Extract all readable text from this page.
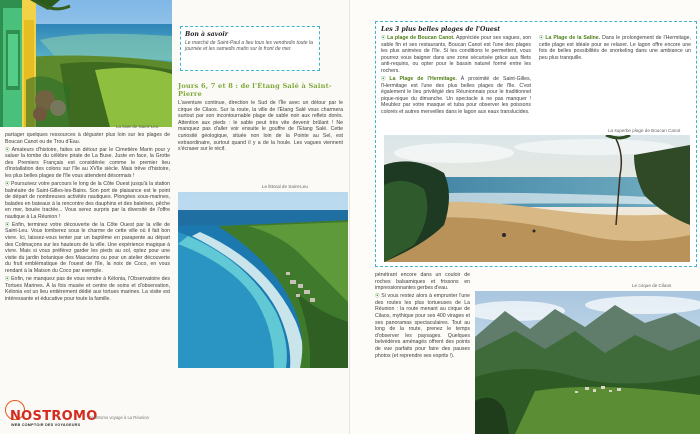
La baie de Saint-Leu
Bon à savoir
Le marché de Saint-Paul a lieu tous les vendredis toute la journée et les samedis matin sur le front de mer.
Jours 6, 7 et 8 : de l'Étang Salé à Saint-Pierre

L'aventure continue, direction le Sud de l'Île avec un détour par le cirque de Cilaos. Sur la route, la ville de l'Étang Salé vous charmera surtout par son incontournable plage de sable noir aux reflets dorés. Attention aux pieds : le sable peut très vite devenir brûlant ! Ne manquez pas d'aller voir ensuite le gouffre de l'Etang Salé. Cette curiosité géologique, située non loin de la Pointe au Sel, est extraordinaire, surtout quand il y a de la houle. Les vagues viennent s'écraser sur le récif.

Le littoral de Saint-Leu

partager quelques ressources à déguster plus loin sur les plages de Boucan Canot ou de Trou d'Eau.

⦿ Amateurs d'histoire, faites un détour par le Cimetière Marin pour y saluer la tombe du célèbre pirate de La Buse. Juste en face, la Grotte des Premiers Français est considérée comme le premier lieu d'installation des colons sur l'île au XVIIe siècle. Mais trêve d'histoire, les plus belles plages de l'île vous attendent désormais !

⦿ Poursuivez votre parcours le long de la Côte Ouest jusqu'à la station balnéaire de Saint-Gilles-les-Bains. Son port de plaisance est le point de départ de nombreuses activités nautiques. Plongées sous-marines, balades en bateaux à la rencontre des dauphins et des baleines, pêche en mer, bouée tractée... Vous serez surpris par la diversité de l'offre nautique à La Réunion !

⦿ Enfin, terminez votre découverte de la Côte Ouest par la ville de Saint-Leu. Vous tomberez sous le charme de cette ville où il fait bon vivre. Ici, laissez-vous tenter par un baptême en parapente au départ des Colimaçons sur les hauteurs de la ville. Une expérience magique à vivre. Mais si vous préférez garder les pieds au sol, optez pour une visite du jardin botanique des Mascarins ou pour un atelier découverte du fruit emblématique de l'ouest de l'île, la noix de Coco, en vous rendant à la Maison du Coco par exemple.

⦿ Enfin, ne manquez pas de vous rendre à Kélonia, l'Observatoire des Tortues Marines. À la fois musée et centre de soins et d'observation, Kélonia est un lieu entièrement dédié aux tortues marines. La visite est intéressante et éducative pour toute la famille.

NOSTROMO
WEB COMPTOIR DES VOYAGEURS
Nostromo voyage à La Réunion
Les 3 plus belles plages de l'Ouest

⦿ La plage de Boucan Canot. Appréciée pour ses vagues, son sable fin et ses restaurants, Boucan Canot est l'une des plages les plus animées de l'île. Si les conditions le permettent, vous pourrez vous baigner dans une zone sécurisée grâce aux filets anti-requins, ou opter pour le bassin naturel formé entre les rochers.

⦿ La Plage de l'Hermitage. À proximité de Saint-Gilles, l'Hermitage est l'une des plus belles plages de l'île. C'est également le lieu privilégié des Réunionnais pour le traditionnel pique-nique du dimanche. Un spectacle à ne pas manquer ! Meublez par votre masque et tuba pour observer les poissons colorés et autres merveilles dans le lagon aux eaux translucides.

⦿ La Plage de la Saline. Dans le prolongement de l'Hermitage, cette plage est idéale pour se relaxer. Le lagon offre encore une fois de belles possibilités de snorkeling dans une ambiance un peu plus tranquille.

La superbe plage de Boucan Canot

pénétrant encore dans un couloir de roches balsamiques et frissons en impressionnantes gerbes d'eau.

⦿ Si vous restez alors à emprunter l'une des routes les plus tortueuses de La Réunion : la route menant au cirque de Cilaos, mythique pour ses 400 virages et ses panoramas spectaculaires. Tout au long de la route, prenez le temps d'observer les paysages. Quelques belvédères aménagés offrent des points de vue parfaits pour faire des pauses photos (et reprendre ses esprits !).

Le cirque de Cilaos
